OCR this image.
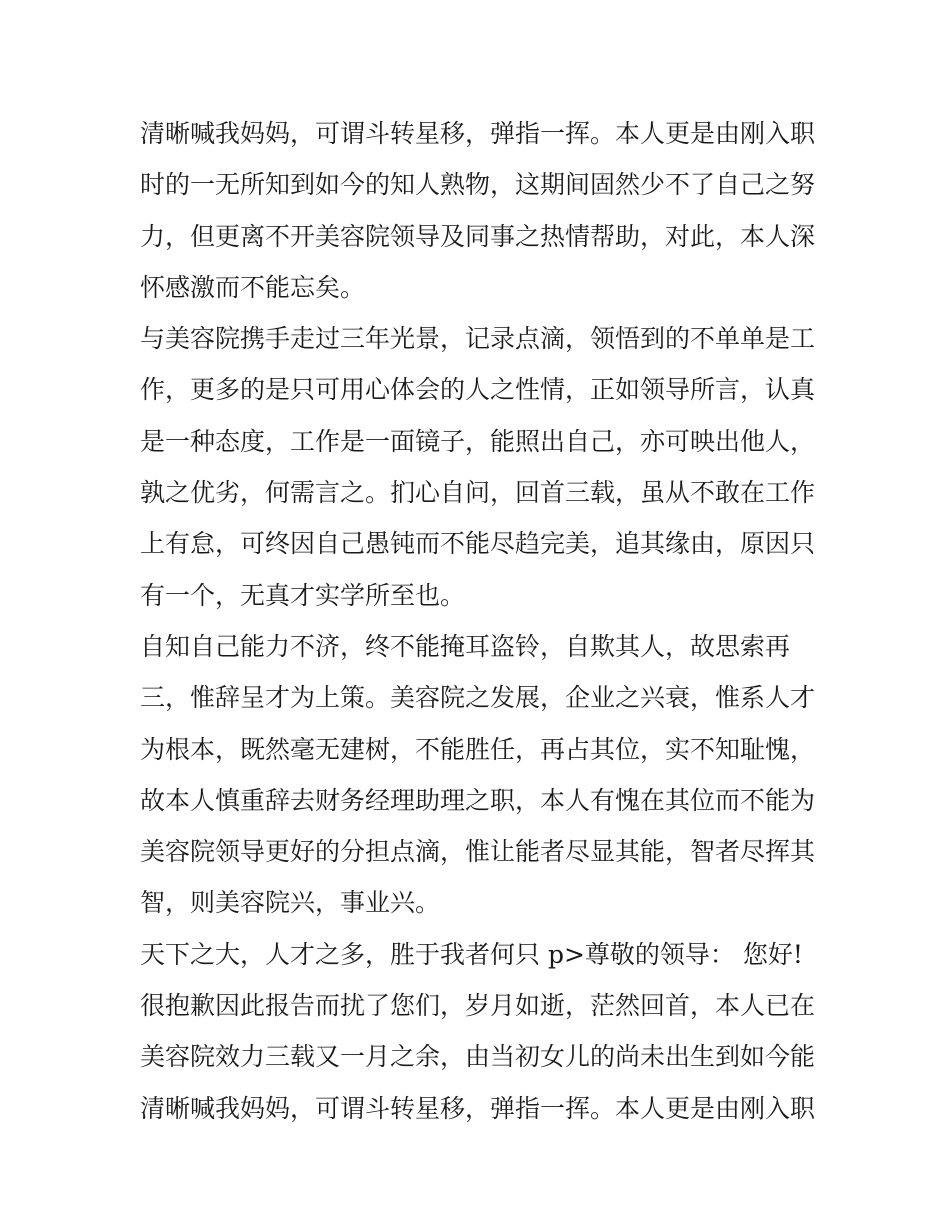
清晰喊我妈妈，可谓斗转星移，弹指一挥。本人更是由刚入职
时的一无所知到如今的知人熟物，这期间固然少不了自己之努
力，但更离不开美容院领导及同事之热情帮助，对此，本人深
怀感激而不能忘矣。
与美容院携手走过三年光景，记录点滴，领悟到的不单单是工
作，更多的是只可用心体会的人之性情，正如领导所言，认真
是一种态度，工作是一面镜子，能照出自己，亦可映出他人，
孰之优劣，何需言之。扪心自问，回首三载，虽从不敢在工作
上有怠，可终因自己愚钝而不能尽趋完美，追其缘由，原因只
有一个，无真才实学所至也。
自知自己能力不济，终不能掩耳盗铃，自欺其人，故思索再
三，惟辞呈才为上策。美容院之发展，企业之兴衰，惟系人才
为根本，既然毫无建树，不能胜任，再占其位，实不知耻愧，
故本人慎重辞去财务经理助理之职，本人有愧在其位而不能为
美容院领导更好的分担点滴，惟让能者尽显其能，智者尽挥其
智，则美容院兴，事业兴。
天下之大，人才之多，胜于我者何只 p>尊敬的领导： 您好!
很抱歉因此报告而扰了您们，岁月如逝，茫然回首，本人已在
美容院效力三载又一月之余，由当初女儿的尚未出生到如今能
清晰喊我妈妈，可谓斗转星移，弹指一挥。本人更是由刚入职
